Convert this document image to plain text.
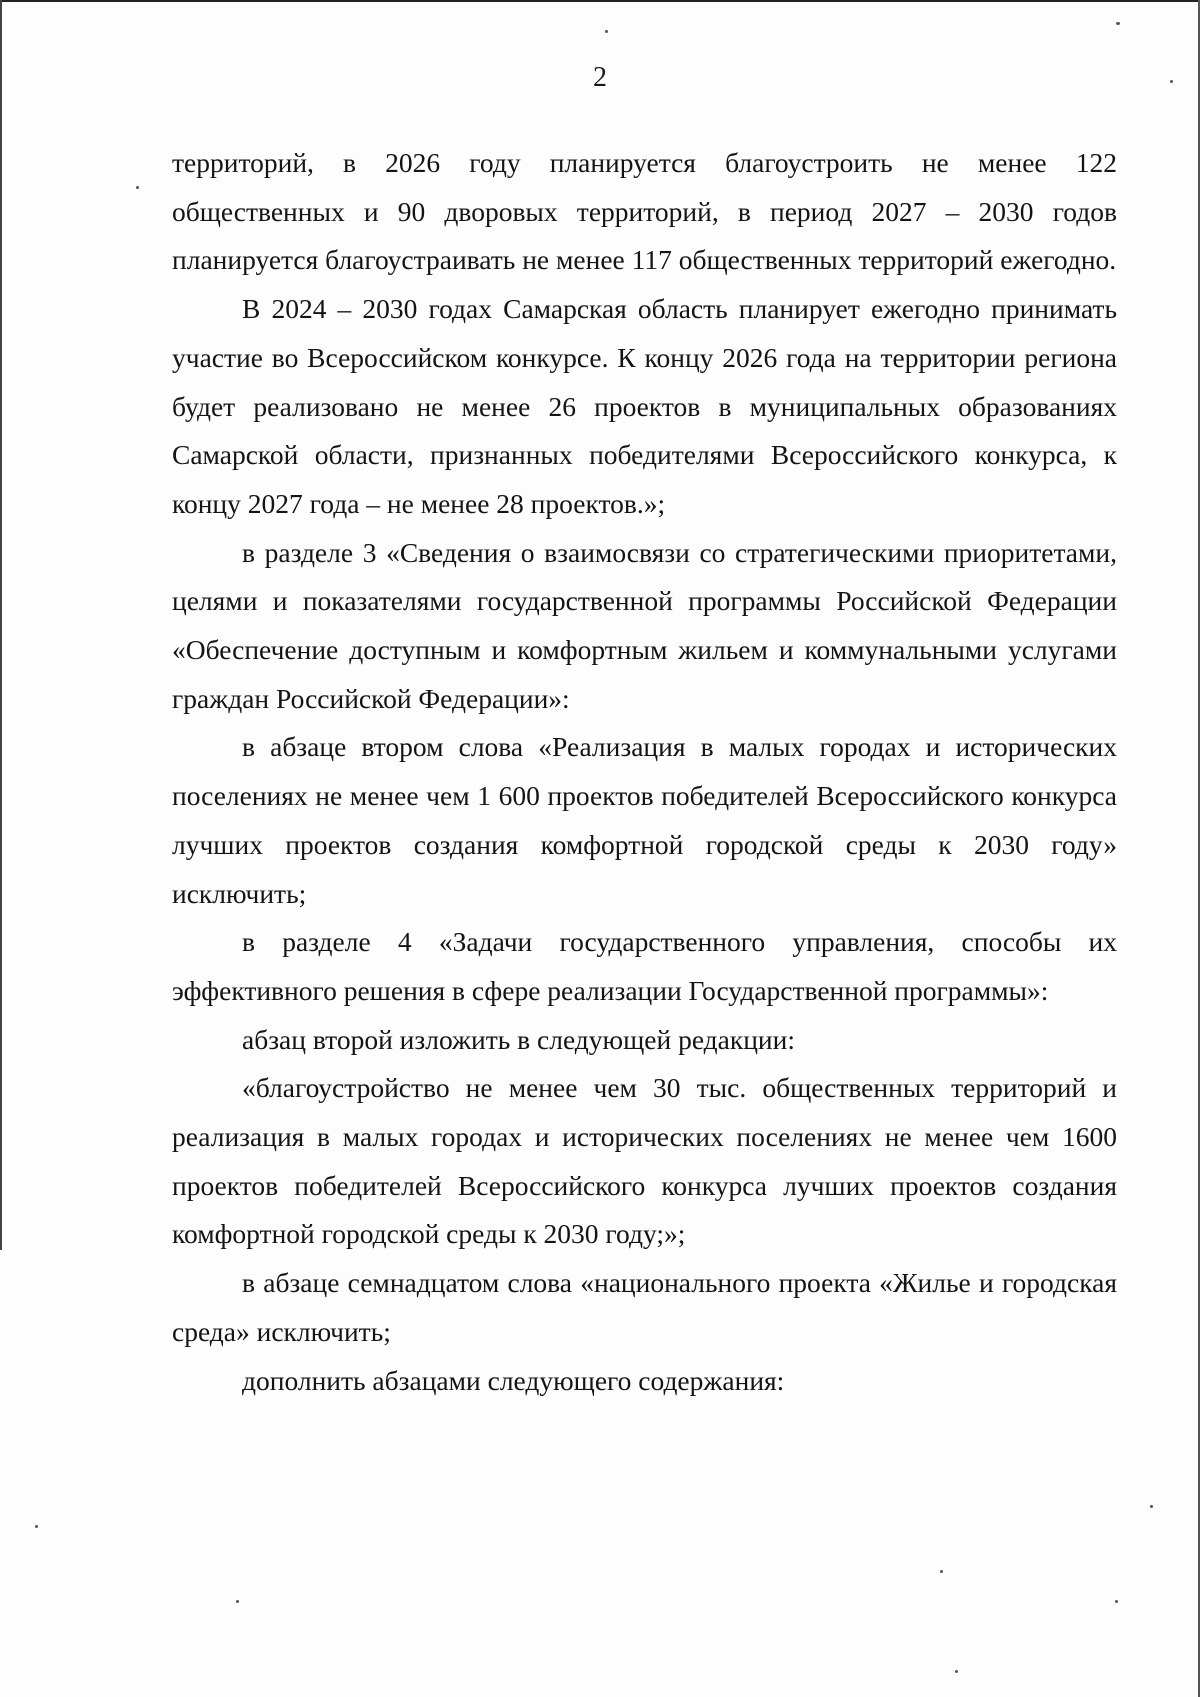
2

территорий, в 2026 году планируется благоустроить не менее 122 общественных и 90 дворовых территорий, в период 2027 – 2030 годов планируется благоустраивать не менее 117 общественных территорий ежегодно.

В 2024 – 2030 годах Самарская область планирует ежегодно принимать участие во Всероссийском конкурсе. К концу 2026 года на территории региона будет реализовано не менее 26 проектов в муниципальных образованиях Самарской области, признанных победителями Всероссийского конкурса, к концу 2027 года – не менее 28 проектов.»;

в разделе 3 «Сведения о взаимосвязи со стратегическими приоритетами, целями и показателями государственной программы Российской Федерации «Обеспечение доступным и комфортным жильем и коммунальными услугами граждан Российской Федерации»:

в абзаце втором слова «Реализация в малых городах и исторических поселениях не менее чем 1 600 проектов победителей Всероссийского конкурса лучших проектов создания комфортной городской среды к 2030 году» исключить;

в разделе 4 «Задачи государственного управления, способы их эффективного решения в сфере реализации Государственной программы»:

абзац второй изложить в следующей редакции:

«благоустройство не менее чем 30 тыс. общественных территорий и реализация в малых городах и исторических поселениях не менее чем 1600 проектов победителей Всероссийского конкурса лучших проектов создания комфортной городской среды к 2030 году;»;

в абзаце семнадцатом слова «национального проекта «Жилье и городская среда» исключить;

дополнить абзацами следующего содержания:
